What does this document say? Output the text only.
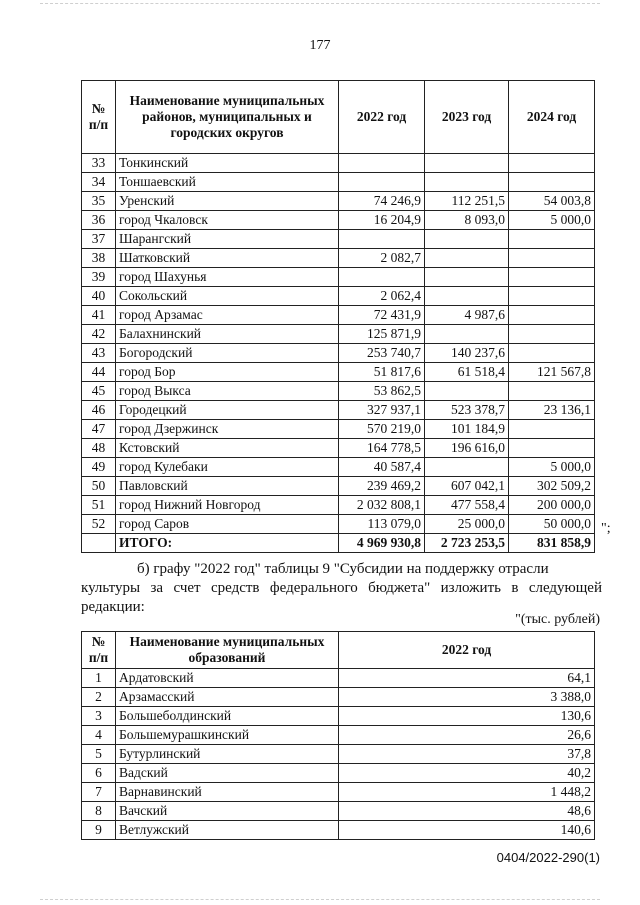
177
№ п/п	Наименование муниципальных районов, муниципальных и городских округов	2022 год	2023 год	2024 год
33	Тонкинский			
34	Тоншаевский			
35	Уренский	74 246,9	112 251,5	54 003,8
36	город Чкаловск	16 204,9	8 093,0	5 000,0
37	Шарангский			
38	Шатковский	2 082,7		
39	город Шахунья			
40	Сокольский	2 062,4		
41	город Арзамас	72 431,9	4 987,6	
42	Балахнинский	125 871,9		
43	Богородский	253 740,7	140 237,6	
44	город Бор	51 817,6	61 518,4	121 567,8
45	город Выкса	53 862,5		
46	Городецкий	327 937,1	523 378,7	23 136,1
47	город Дзержинск	570 219,0	101 184,9	
48	Кстовский	164 778,5	196 616,0	
49	город Кулебаки	40 587,4		5 000,0
50	Павловский	239 469,2	607 042,1	302 509,2
51	город Нижний Новгород	2 032 808,1	477 558,4	200 000,0
52	город Саров	113 079,0	25 000,0	50 000,0
	ИТОГО:	4 969 930,8	2 723 253,5	831 858,9
";
б) графу "2022 год" таблицы 9 "Субсидии на поддержку отрасли
культуры за счет средств федерального бюджета" изложить в следующей
редакции:
"(тыс. рублей)
№ п/п	Наименование муниципальных образований	2022 год
1	Ардатовский	64,1
2	Арзамасский	3 388,0
3	Большеболдинский	130,6
4	Большемурашкинский	26,6
5	Бутурлинский	37,8
6	Вадский	40,2
7	Варнавинский	1 448,2
8	Вачский	48,6
9	Ветлужский	140,6
0404/2022-290(1)
